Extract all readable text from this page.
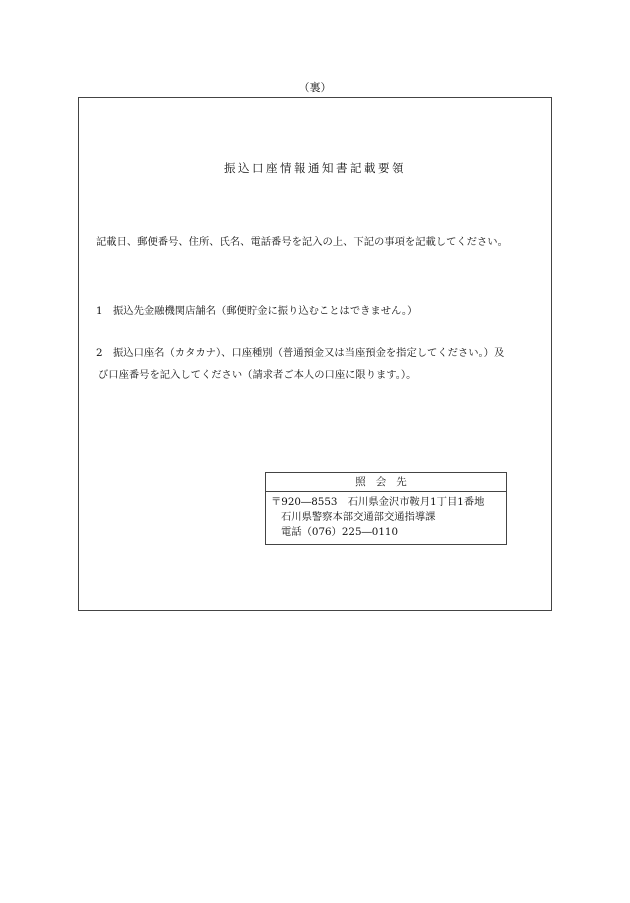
（裏）
振込口座情報通知書記載要領
記載日、郵便番号、住所、氏名、電話番号を記入の上、下記の事項を記載してください。
1 振込先金融機関店舗名（郵便貯金に振り込むことはできません。）
2 振込口座名（カタカナ）、口座種別（普通預金又は当座預金を指定してください。）及
び口座番号を記入してください（請求者ご本人の口座に限ります。）。
照会先
〒920―8553　石川県金沢市鞍月1丁目1番地
石川県警察本部交通部交通指導課
電話（076）225―0110
